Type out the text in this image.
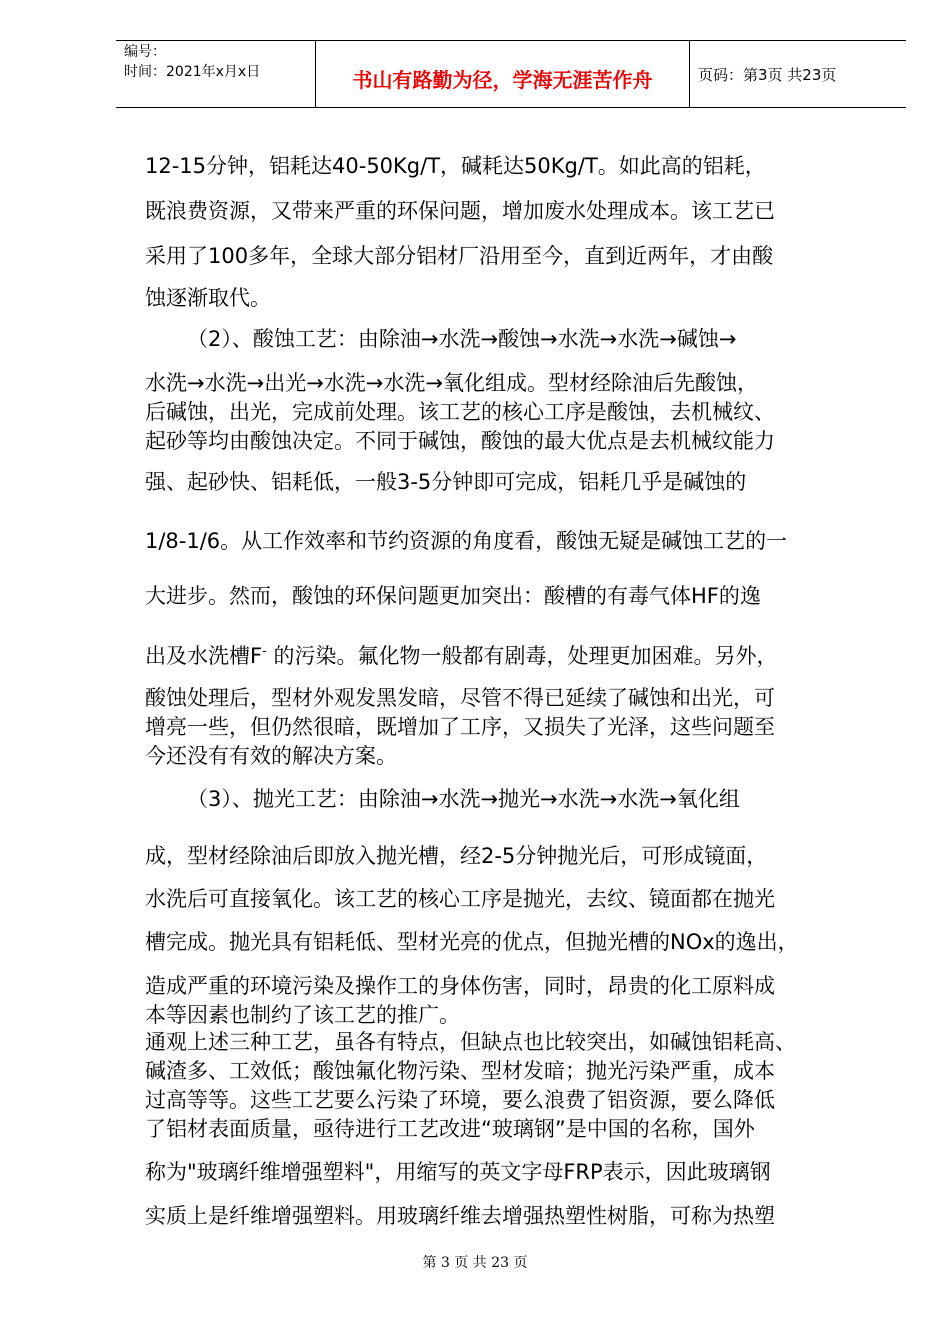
编号：
时间：2021年x月x日	书山有路勤为径，学海无涯苦作舟	页码：第3页 共23页
12-15分钟，铝耗达40-50Kg/T，碱耗达50Kg/T。如此高的铝耗，
既浪费资源，又带来严重的环保问题，增加废水处理成本。该工艺已
采用了100多年，全球大部分铝材厂沿用至今，直到近两年，才由酸
蚀逐渐取代。
（2）、酸蚀工艺：由除油→水洗→酸蚀→水洗→水洗→碱蚀→
水洗→水洗→出光→水洗→水洗→氧化组成。型材经除油后先酸蚀，
后碱蚀，出光，完成前处理。该工艺的核心工序是酸蚀，去机械纹、
起砂等均由酸蚀决定。不同于碱蚀，酸蚀的最大优点是去机械纹能力
强、起砂快、铝耗低，一般3-5分钟即可完成，铝耗几乎是碱蚀的
1/8-1/6。从工作效率和节约资源的角度看，酸蚀无疑是碱蚀工艺的一
大进步。然而，酸蚀的环保问题更加突出：酸槽的有毒气体HF的逸
出及水洗槽F- 的污染。氟化物一般都有剧毒，处理更加困难。另外，
酸蚀处理后，型材外观发黑发暗，尽管不得已延续了碱蚀和出光，可
增亮一些，但仍然很暗，既增加了工序，又损失了光泽，这些问题至
今还没有有效的解决方案。
（3）、抛光工艺：由除油→水洗→抛光→水洗→水洗→氧化组
成，型材经除油后即放入抛光槽，经2-5分钟抛光后，可形成镜面，
水洗后可直接氧化。该工艺的核心工序是抛光，去纹、镜面都在抛光
槽完成。抛光具有铝耗低、型材光亮的优点，但抛光槽的NOx的逸出，
造成严重的环境污染及操作工的身体伤害，同时，昂贵的化工原料成
本等因素也制约了该工艺的推广。
通观上述三种工艺，虽各有特点，但缺点也比较突出，如碱蚀铝耗高、
碱渣多、工效低；酸蚀氟化物污染、型材发暗；抛光污染严重，成本
过高等等。这些工艺要么污染了环境，要么浪费了铝资源，要么降低
了铝材表面质量，亟待进行工艺改进“玻璃钢”是中国的名称，国外
称为"玻璃纤维增强塑料"，用缩写的英文字母FRP表示，因此玻璃钢
实质上是纤维增强塑料。用玻璃纤维去增强热塑性树脂，可称为热塑
第 3 页 共 23 页
